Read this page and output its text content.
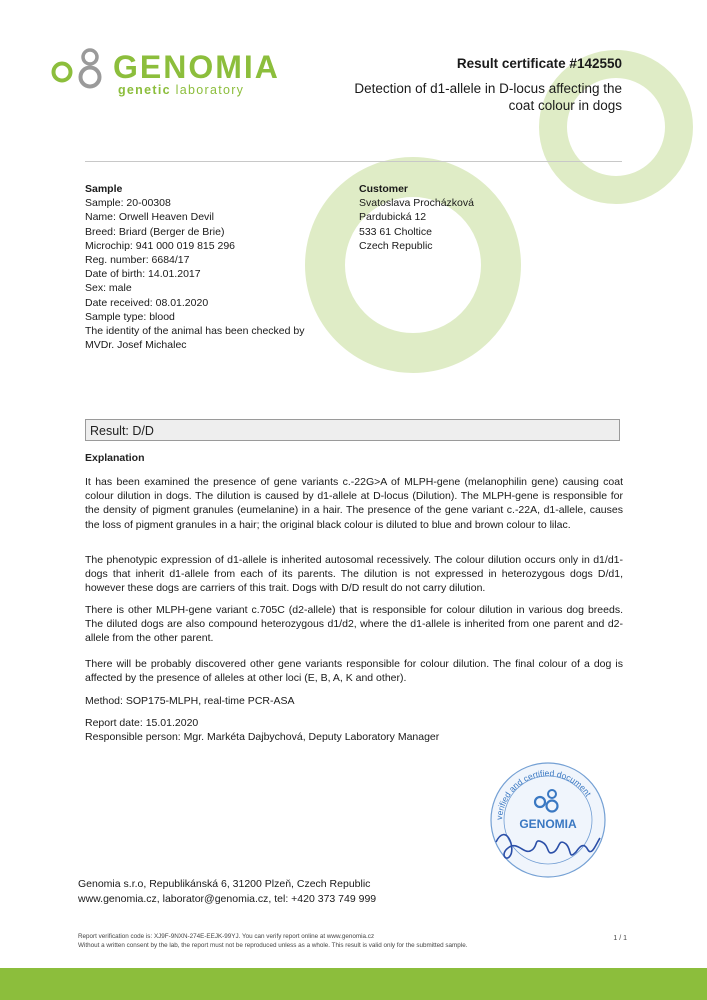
GENOMIA
genetic laboratory
Result certificate #142550
Detection of d1-allele in D-locus affecting the coat colour in dogs
Sample
Sample: 20-00308
Name: Orwell Heaven Devil
Breed: Briard (Berger de Brie)
Microchip: 941 000 019 815 296
Reg. number: 6684/17
Date of birth: 14.01.2017
Sex: male
Date received: 08.01.2020
Sample type: blood
The identity of the animal has been checked by
MVDr. Josef Michalec
Customer
Svatoslava Procházková
Pardubická 12
533 61 Choltice
Czech Republic
Result: D/D
Explanation

It has been examined the presence of gene variants c.-22G>A of MLPH-gene (melanophilin gene) causing coat colour dilution in dogs. The dilution is caused by d1-allele at D-locus (Dilution). The MLPH-gene is responsible for the density of pigment granules (eumelanine) in a hair. The presence of the gene variant c.-22A, d1-allele, causes the loss of pigment granules in a hair; the original black colour is diluted to blue and brown colour to lilac.

The phenotypic expression of d1-allele is inherited autosomal recessively. The colour dilution occurs only in d1/d1-dogs that inherit d1-allele from each of its parents. The dilution is not expressed in heterozygous dogs D/d1, however these dogs are carriers of this trait. Dogs with D/D result do not carry dilution.

There is other MLPH-gene variant c.705C (d2-allele) that is responsible for colour dilution in various dog breeds. The diluted dogs are also compound heterozygous d1/d2, where the d1-allele is inherited from one parent and d2-allele from the other parent.

There will be probably discovered other gene variants responsible for colour dilution. The final colour of a dog is affected by the presence of alleles at other loci (E, B, A, K and other).

Method: SOP175-MLPH, real-time PCR-ASA

Report date: 15.01.2020

Responsible person: Mgr. Markéta Dajbychová, Deputy Laboratory Manager

verified and certified document
GENOMIA
Genomia s.r.o, Republikánská 6, 31200 Plzeň, Czech Republic
www.genomia.cz, laborator@genomia.cz, tel: +420 373 749 999
Report verification code is: XJ9F-9NXN-274E-EEJK-99YJ. You can verify report online at www.genomia.cz
Without a written consent by the lab, the report must not be reproduced unless as a whole. This result is valid only for the submitted sample.
1 / 1
